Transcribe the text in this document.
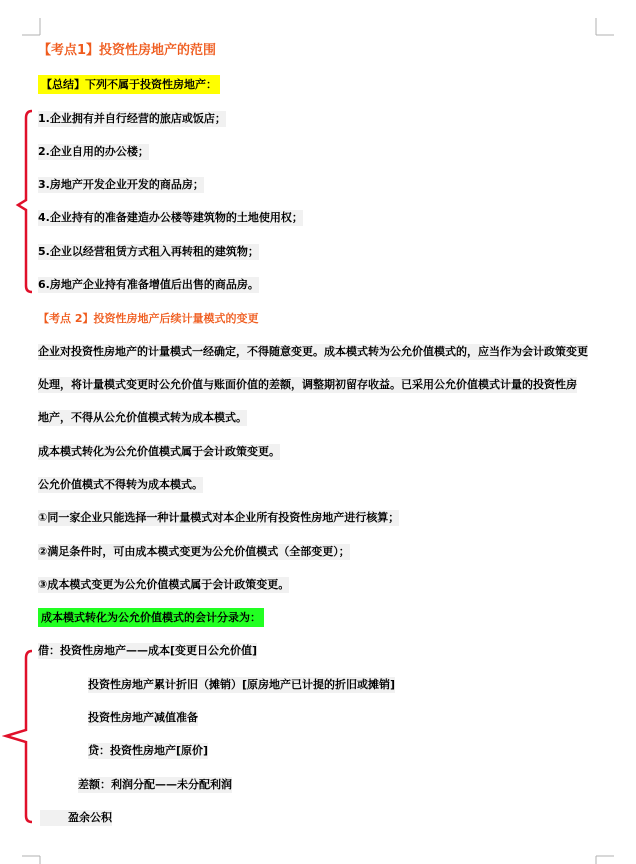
【考点1】投资性房地产的范围
【总结】下列不属于投资性房地产：
1.企业拥有并自行经营的旅店或饭店；
2.企业自用的办公楼；
3.房地产开发企业开发的商品房；
4.企业持有的准备建造办公楼等建筑物的土地使用权；
5.企业以经营租赁方式租入再转租的建筑物；
6.房地产企业持有准备增值后出售的商品房。
【考点 2】投资性房地产后续计量模式的变更
企业对投资性房地产的计量模式一经确定，不得随意变更。成本模式转为公允价值模式的，应当作为会计政策变更
处理，将计量模式变更时公允价值与账面价值的差额，调整期初留存收益。已采用公允价值模式计量的投资性房
地产，不得从公允价值模式转为成本模式。
成本模式转化为公允价值模式属于会计政策变更。
公允价值模式不得转为成本模式。
①同一家企业只能选择一种计量模式对本企业所有投资性房地产进行核算；
②满足条件时，可由成本模式变更为公允价值模式（全部变更）；
③成本模式变更为公允价值模式属于会计政策变更。
成本模式转化为公允价值模式的会计分录为：
借：投资性房地产——成本[变更日公允价值]
投资性房地产累计折旧（摊销）[原房地产已计提的折旧或摊销]
投资性房地产减值准备
贷：投资性房地产[原价]
差额：利润分配——未分配利润
盈余公积
